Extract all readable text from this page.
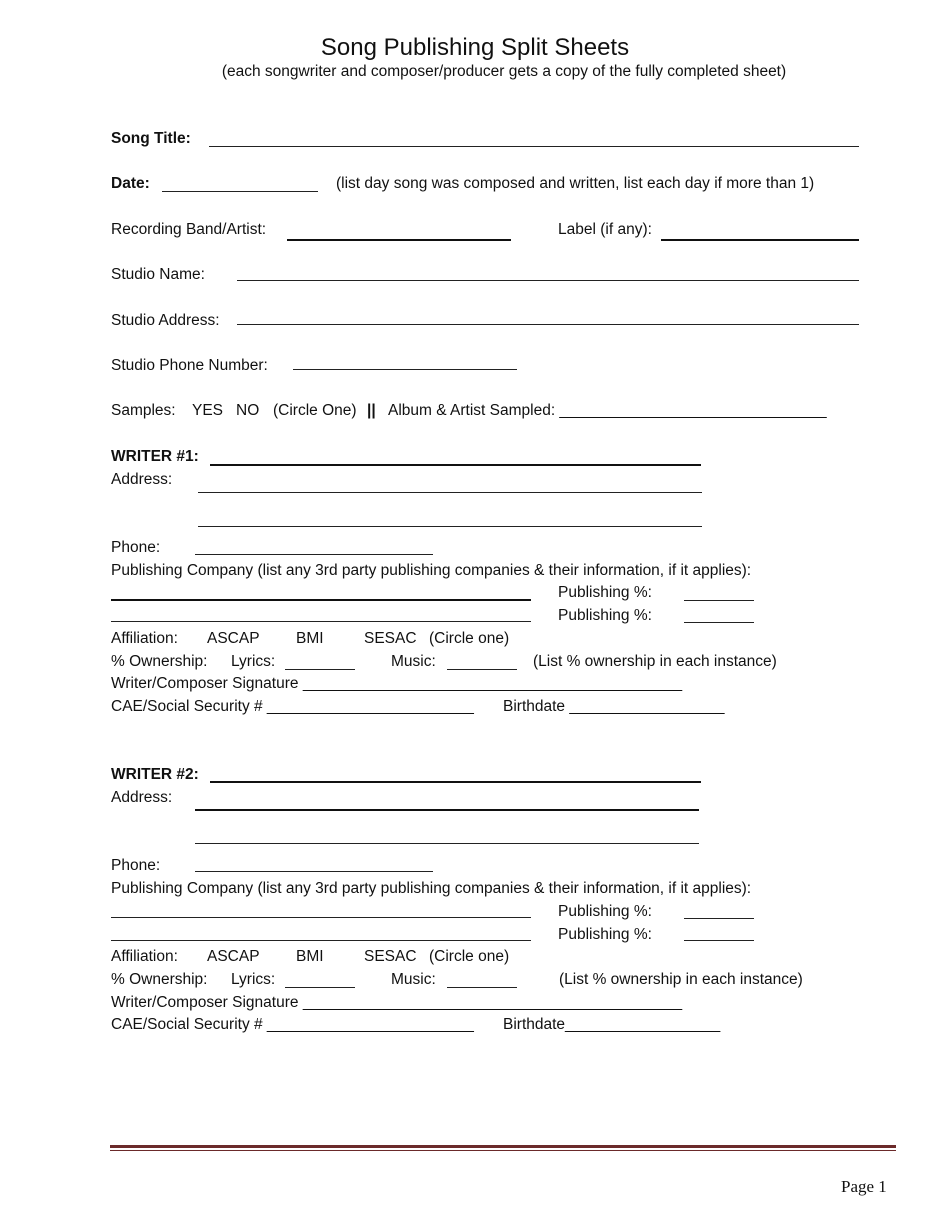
Song Publishing Split Sheets
(each songwriter and composer/producer gets a copy of the fully completed sheet)
Song Title:
Date:	(list day song was composed and written, list each day if more than 1)
Recording Band/Artist:	Label (if any):
Studio Name:
Studio Address:
Studio Phone Number:
Samples: YES NO (Circle One) || Album & Artist Sampled: _______________________________
WRITER #1:
Address:
Phone:
Publishing Company (list any 3rd party publishing companies & their information, if it applies):
Publishing %:
Publishing %:
Affiliation: ASCAP BMI	SESAC (Circle one)
% Ownership: Lyrics:	Music:	(List % ownership in each instance)
Writer/Composer Signature ____________________________________________
CAE/Social Security # ________________________ Birthdate __________________
WRITER #2:
Address:
Phone:
Publishing Company (list any 3rd party publishing companies & their information, if it applies):
Publishing %:
Publishing %:
Affiliation: ASCAP BMI	SESAC (Circle one)
% Ownership: Lyrics:	Music:	(List % ownership in each instance)
Writer/Composer Signature ____________________________________________
CAE/Social Security # ________________________ Birthdate__________________
Page 1
